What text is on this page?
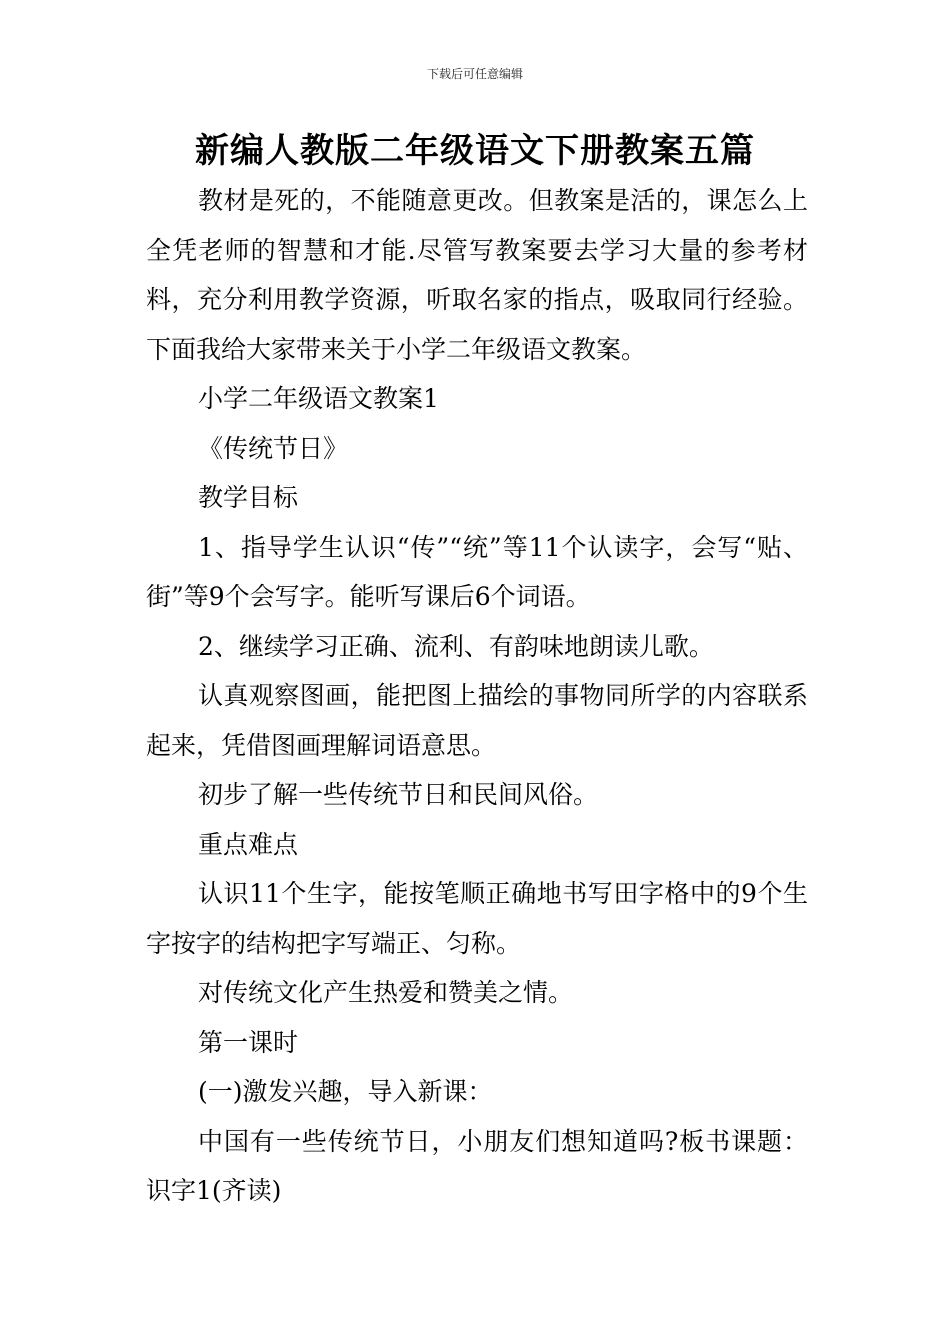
下载后可任意编辑
新编人教版二年级语文下册教案五篇

教材是死的，不能随意更改。但教案是活的，课怎么上全凭老师的智慧和才能.尽管写教案要去学习大量的参考材料，充分利用教学资源，听取名家的指点，吸取同行经验。下面我给大家带来关于小学二年级语文教案。

小学二年级语文教案1

《传统节日》

教学目标

1、指导学生认识“传”“统”等11个认读字，会写“贴、街”等9个会写字。能听写课后6个词语。

2、继续学习正确、流利、有韵味地朗读儿歌。

认真观察图画，能把图上描绘的事物同所学的内容联系起来，凭借图画理解词语意思。

初步了解一些传统节日和民间风俗。

重点难点

认识11个生字，能按笔顺正确地书写田字格中的9个生字按字的结构把字写端正、匀称。

对传统文化产生热爱和赞美之情。

第一课时

(一)激发兴趣，导入新课：

中国有一些传统节日，小朋友们想知道吗?板书课题：识字1(齐读)
